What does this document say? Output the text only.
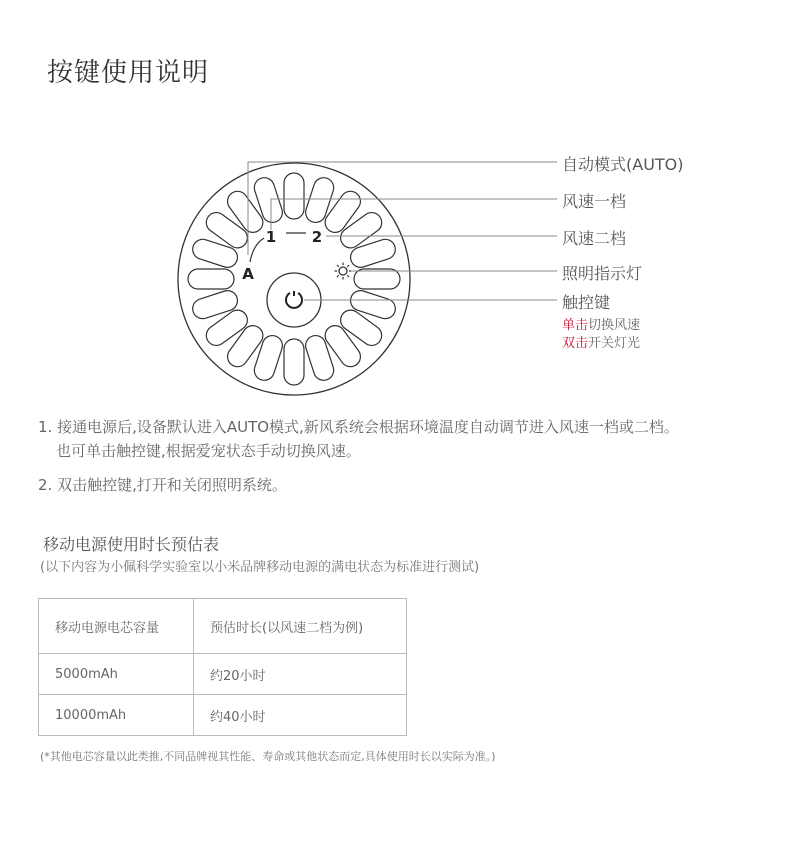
按键使用说明
1 2
A
自动模式(AUTO)
风速一档
风速二档
照明指示灯
触控键
单击切换风速
双击开关灯光

1. 接通电源后,设备默认进入AUTO模式,新风系统会根据环境温度自动调节进入风速一档或二档。

也可单击触控键,根据爱宠状态手动切换风速。

2. 双击触控键,打开和关闭照明系统。

移动电源使用时长预估表
(以下内容为小佩科学实验室以小米品牌移动电源的满电状态为标准进行测试)
移动电源电芯容量	预估时长(以风速二档为例)
5000mAh	约20小时
10000mAh	约40小时
(*其他电芯容量以此类推,不同品牌视其性能、寿命或其他状态而定,具体使用时长以实际为准。)
